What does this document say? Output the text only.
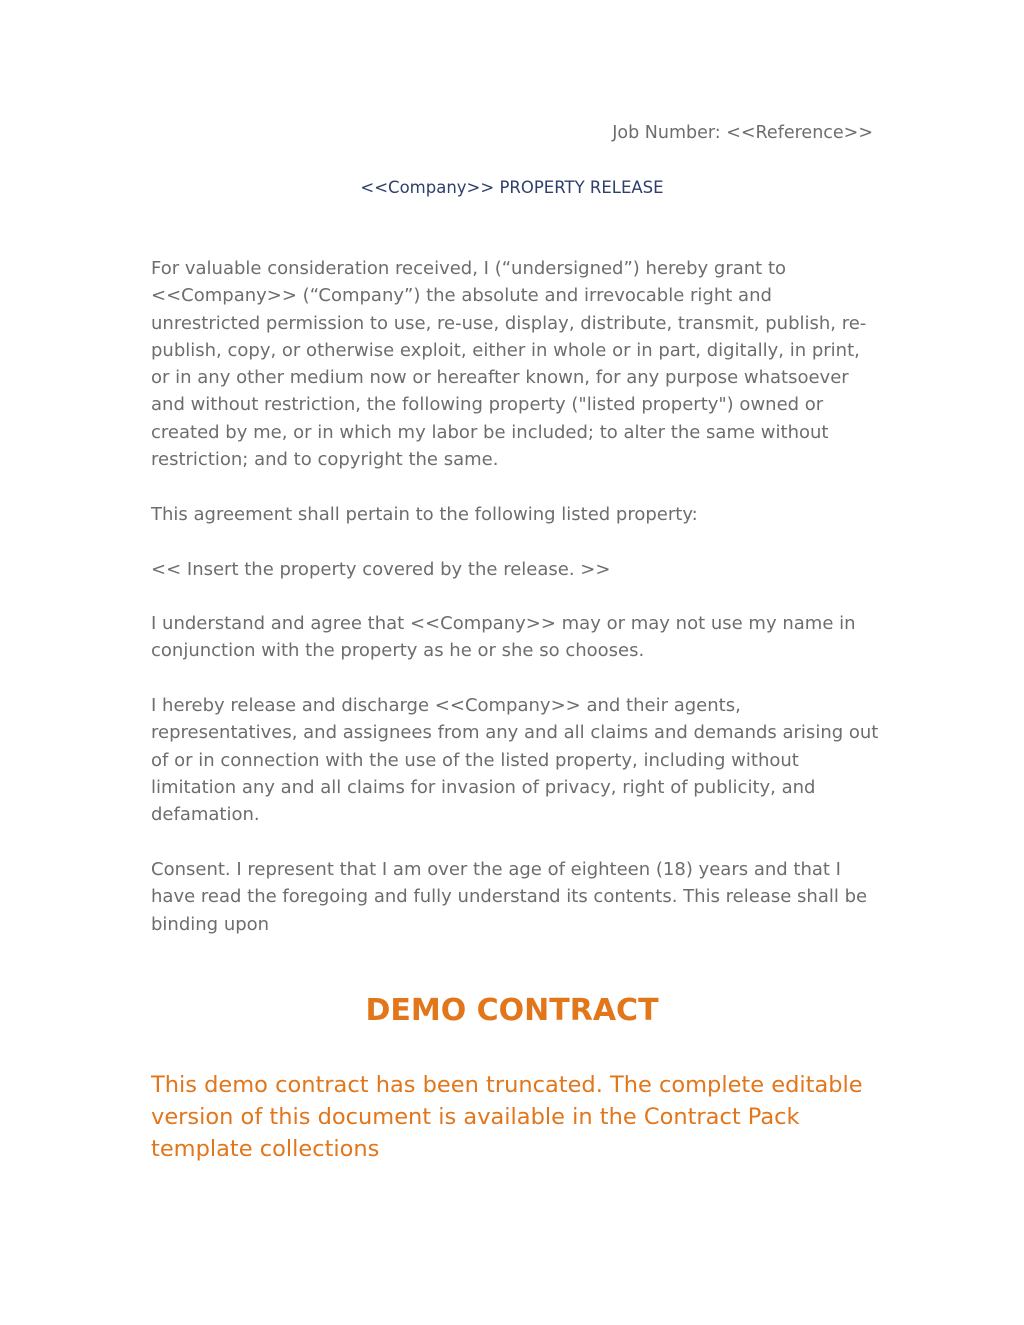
Job Number: <<Reference>>
<<Company>> PROPERTY RELEASE

For valuable consideration received, I (“undersigned”) hereby grant to <<Company>> (“Company”) the absolute and irrevocable right and unrestricted permission to use, re-use, display, distribute, transmit, publish, re-publish, copy, or otherwise exploit, either in whole or in part, digitally, in print, or in any other medium now or hereafter known, for any purpose whatsoever and without restriction, the following property ("listed property") owned or created by me, or in which my labor be included; to alter the same without restriction; and to copyright the same.

This agreement shall pertain to the following listed property:

<< Insert the property covered by the release. >>

I understand and agree that <<Company>> may or may not use my name in conjunction with the property as he or she so chooses.

I hereby release and discharge <<Company>> and their agents, representatives, and assignees from any and all claims and demands arising out of or in connection with the use of the listed property, including without limitation any and all claims for invasion of privacy, right of publicity, and defamation.

Consent. I represent that I am over the age of eighteen (18) years and that I have read the foregoing and fully understand its contents. This release shall be binding upon

DEMO CONTRACT

This demo contract has been truncated. The complete editable version of this document is available in the Contract Pack template collections
